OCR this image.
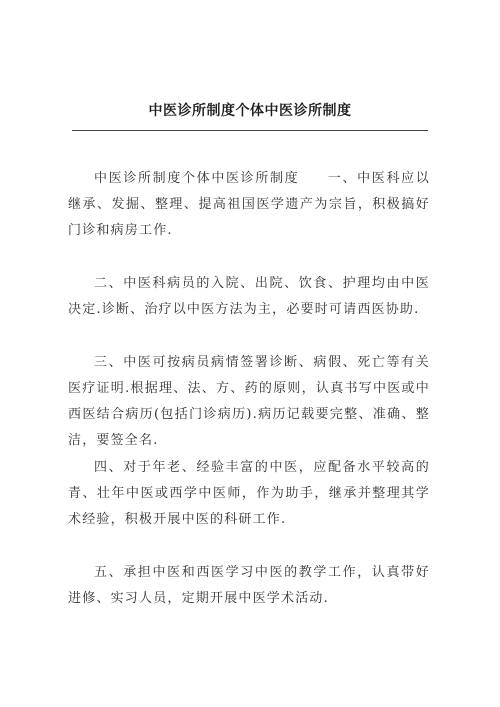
中医诊所制度个体中医诊所制度
中医诊所制度个体中医诊所制度 一、中医科应以继承、发掘、整理、提高祖国医学遗产为宗旨，积极搞好门诊和病房工作.
二、中医科病员的入院、出院、饮食、护理均由中医决定.诊断、治疗以中医方法为主，必要时可请西医协助.
三、中医可按病员病情签署诊断、病假、死亡等有关医疗证明.根据理、法、方、药的原则，认真书写中医或中西医结合病历(包括门诊病历).病历记载要完整、准确、整洁，要签全名.
四、对于年老、经验丰富的中医，应配备水平较高的青、壮年中医或西学中医师，作为助手，继承并整理其学术经验，积极开展中医的科研工作.
五、承担中医和西医学习中医的教学工作，认真带好进修、实习人员，定期开展中医学术活动.
